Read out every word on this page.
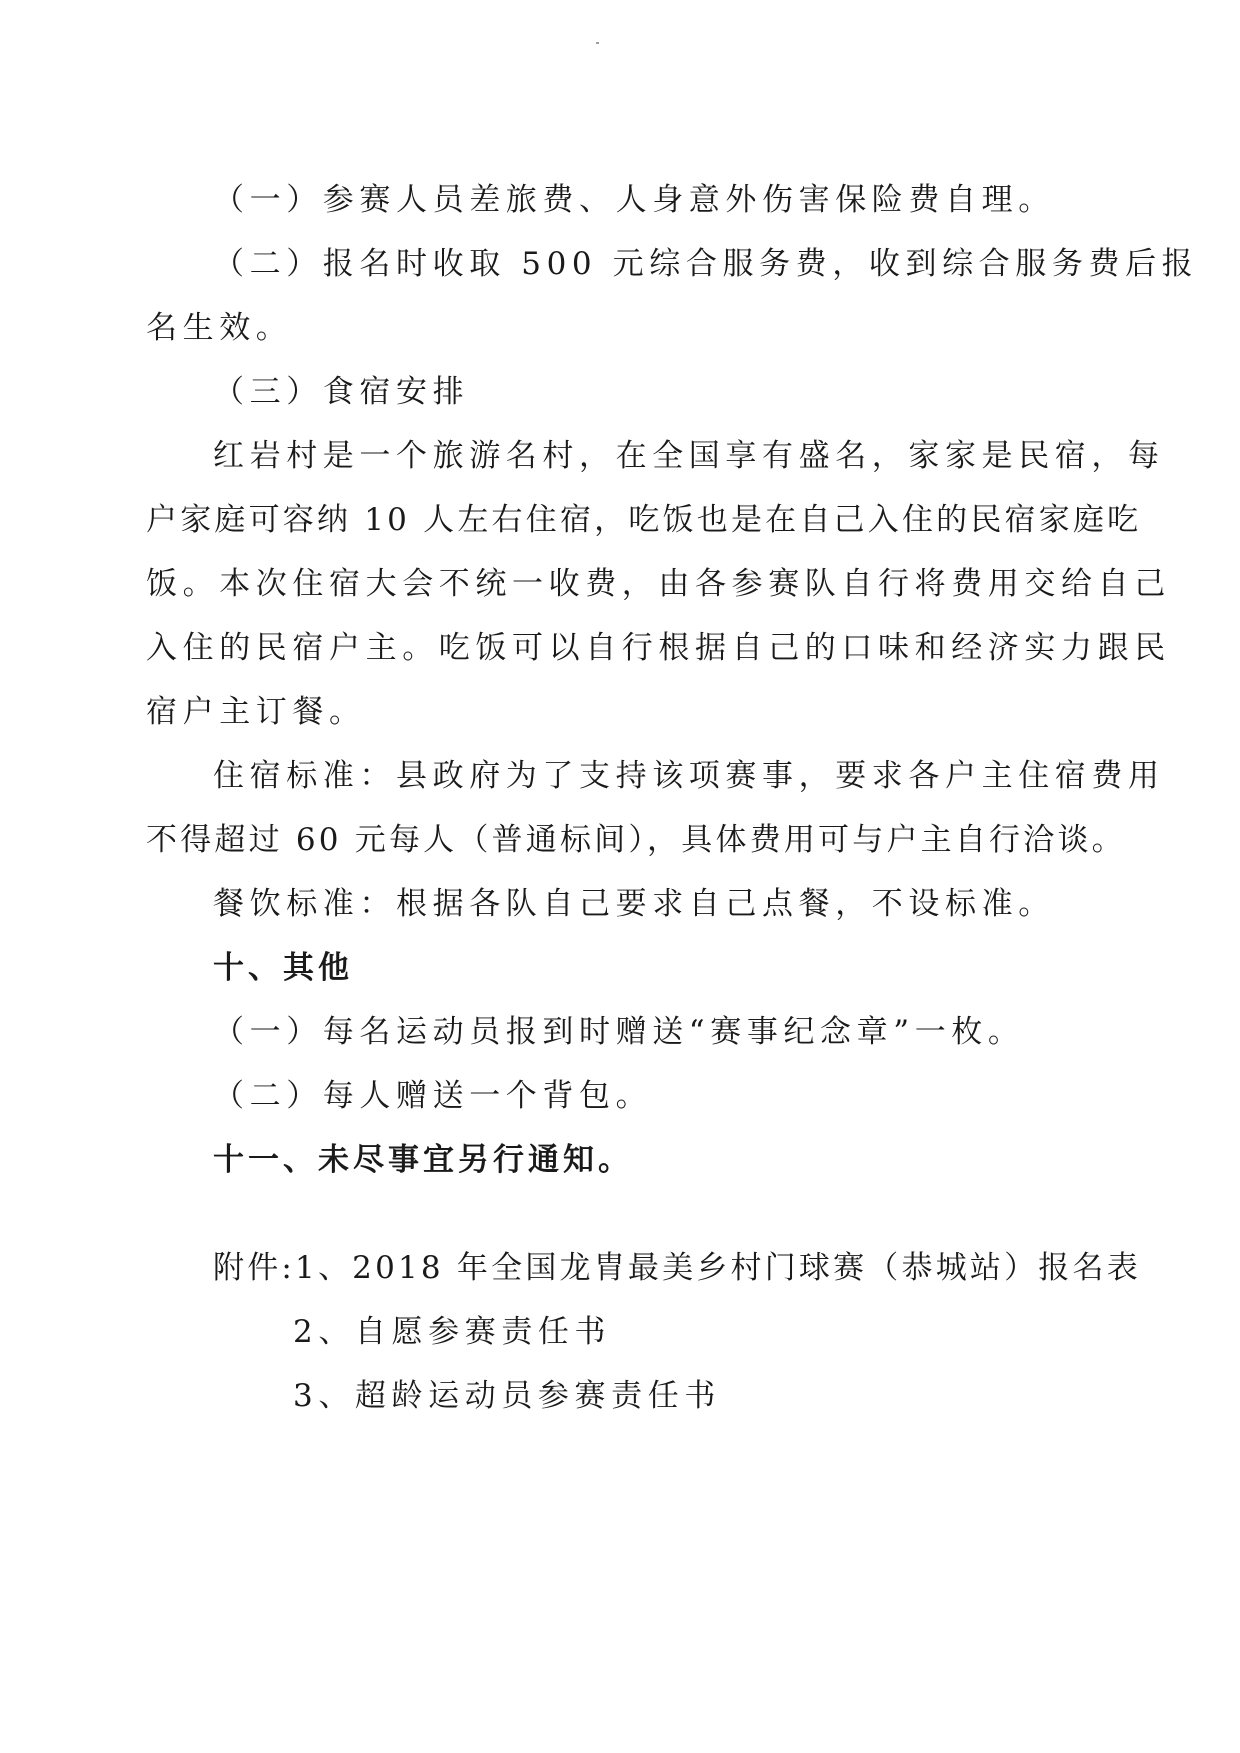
（一）参赛人员差旅费、人身意外伤害保险费自理。
（二）报名时收取 500 元综合服务费，收到综合服务费后报
名生效。
（三）食宿安排
红岩村是一个旅游名村，在全国享有盛名，家家是民宿，每
户家庭可容纳 10 人左右住宿，吃饭也是在自己入住的民宿家庭吃
饭。本次住宿大会不统一收费，由各参赛队自行将费用交给自己
入住的民宿户主。吃饭可以自行根据自己的口味和经济实力跟民
宿户主订餐。
住宿标准：县政府为了支持该项赛事，要求各户主住宿费用
不得超过 60 元每人（普通标间），具体费用可与户主自行洽谈。
餐饮标准：根据各队自己要求自己点餐，不设标准。
十、其他
（一）每名运动员报到时赠送“赛事纪念章”一枚。
（二）每人赠送一个背包。
十一、未尽事宜另行通知。
附件:1、2018 年全国龙胄最美乡村门球赛（恭城站）报名表
2、自愿参赛责任书
3、超龄运动员参赛责任书
